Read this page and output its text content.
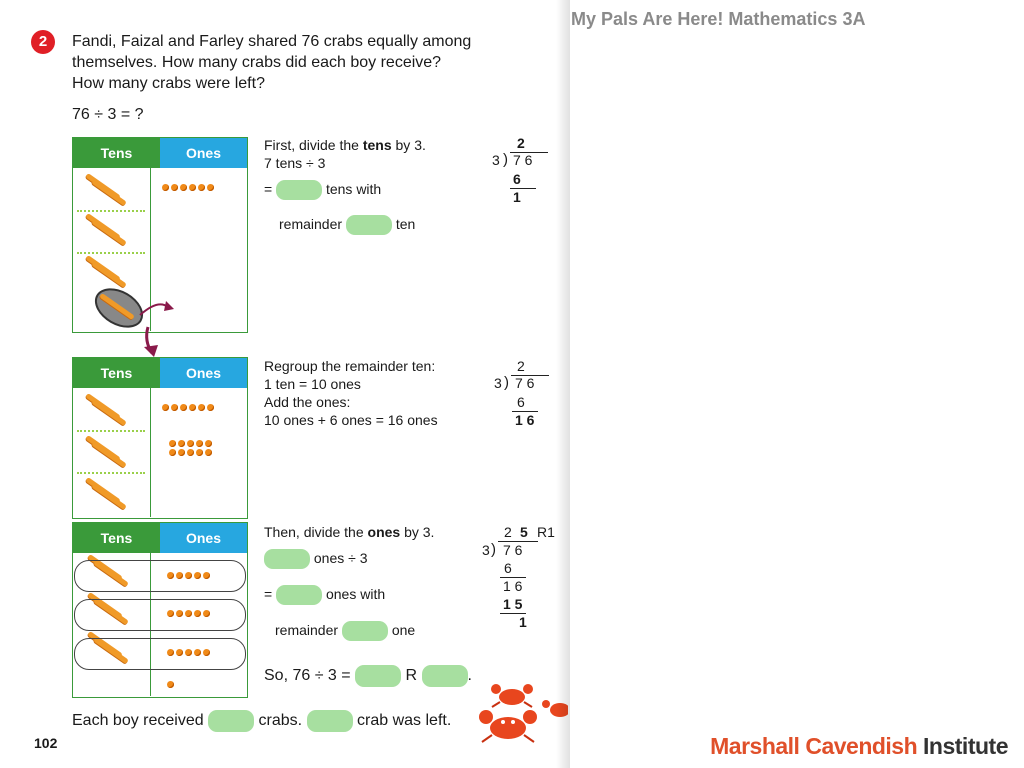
2	Fandi, Faizal and Farley shared 76 crabs equally among
themselves. How many crabs did each boy receive?
How many crabs were left?
76 ÷ 3 = ?
Tens	Ones	First, divide the tens by 3.
7 tens ÷ 3
=	tens with
remainder	ten
2
3 ) 7 6
6
1
Tens	Ones	Regroup the remainder ten:
1 ten = 10 ones
Add the ones:
10 ones + 6 ones = 16 ones
2
3 ) 7 6
6
1 6
Tens	Ones	Then, divide the ones by 3.
ones ÷ 3
=	ones with
remainder	one
So, 76 ÷ 3 =	R	.
2 5 R1
3 ) 7 6
6
1 6
1 5
1
Each boy received	crabs.	crab was left.
102
My Pals Are Here! Mathematics 3A
Marshall Cavendish Institute
